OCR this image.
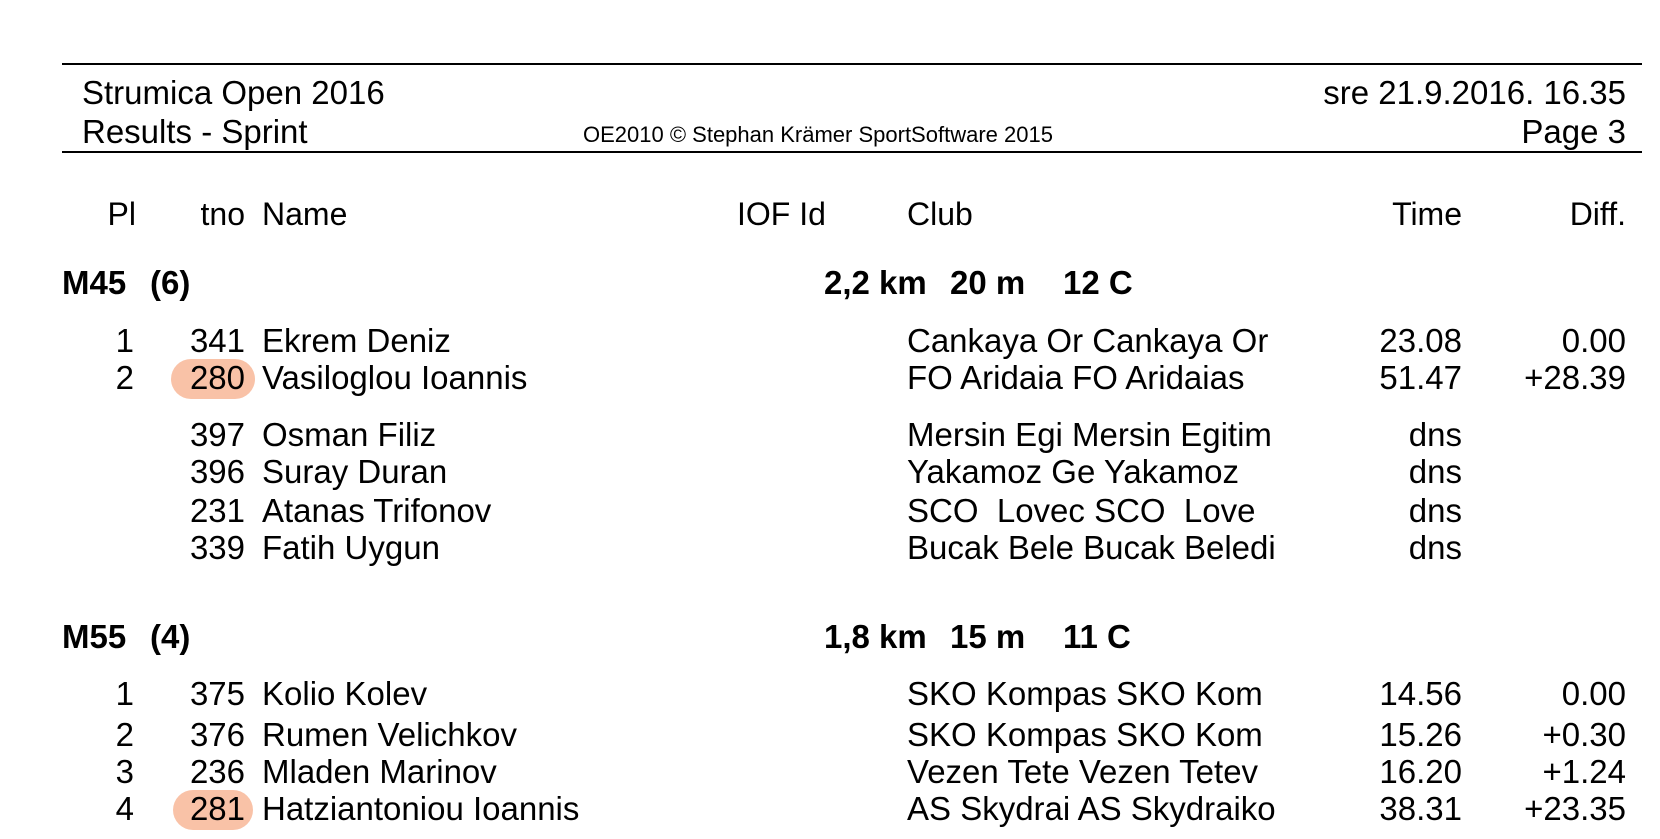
Strumica Open 2016
Results - Sprint	OE2010 © Stephan Krämer SportSoftware 2015
sre 21.9.2016. 16.35
Page 3
Pl	tno Name	IOF Id	Club	Time	Diff.
M45 (6)	2,2 km 20 m 12 C
1	341 Ekrem Deniz	Cankaya Or Cankaya Or	23.08	0.00
2	280 Vasiloglou Ioannis	FO Aridaia FO Aridaias	51.47 +28.39
397 Osman Filiz	Mersin Egi Mersin Egitim	dns
396 Suray Duran	Yakamoz Ge Yakamoz	dns
231 Atanas Trifonov	SCO  Lovec SCO  Love	dns
339 Fatih Uygun	Bucak Bele Bucak Beledi	dns
M55 (4)	1,8 km 15 m 11 C
1	375 Kolio Kolev	SKO Kompas SKO Kom	14.56	0.00
2	376 Rumen Velichkov	SKO Kompas SKO Kom	15.26 +0.30
3	236 Mladen Marinov	Vezen Tete Vezen Tetev	16.20 +1.24
4	281 Hatziantoniou Ioannis	AS Skydrai AS Skydraiko	38.31 +23.35
